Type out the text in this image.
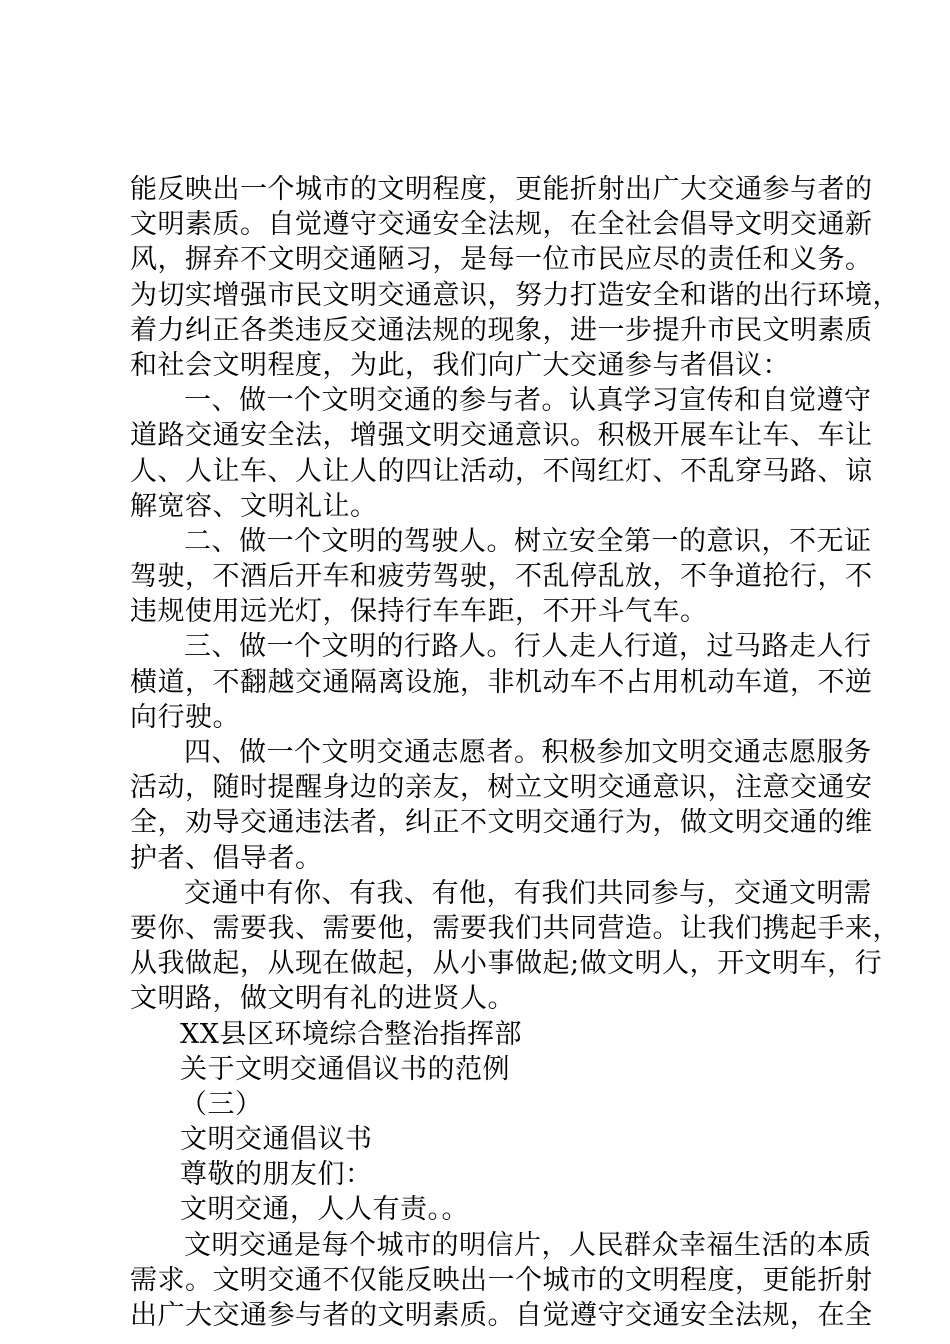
能反映出一个城市的文明程度，更能折射出广大交通参与者的
文明素质。自觉遵守交通安全法规，在全社会倡导文明交通新
风，摒弃不文明交通陋习，是每一位市民应尽的责任和义务。
为切实增强市民文明交通意识，努力打造安全和谐的出行环境，
着力纠正各类违反交通法规的现象，进一步提升市民文明素质
和社会文明程度，为此，我们向广大交通参与者倡议：
一、做一个文明交通的参与者。认真学习宣传和自觉遵守
道路交通安全法，增强文明交通意识。积极开展车让车、车让
人、人让车、人让人的四让活动，不闯红灯、不乱穿马路、谅
解宽容、文明礼让。
二、做一个文明的驾驶人。树立安全第一的意识，不无证
驾驶，不酒后开车和疲劳驾驶，不乱停乱放，不争道抢行，不
违规使用远光灯，保持行车车距，不开斗气车。
三、做一个文明的行路人。行人走人行道，过马路走人行
横道，不翻越交通隔离设施，非机动车不占用机动车道，不逆
向行驶。
四、做一个文明交通志愿者。积极参加文明交通志愿服务
活动，随时提醒身边的亲友，树立文明交通意识，注意交通安
全，劝导交通违法者，纠正不文明交通行为，做文明交通的维
护者、倡导者。
交通中有你、有我、有他，有我们共同参与，交通文明需
要你、需要我、需要他，需要我们共同营造。让我们携起手来，
从我做起，从现在做起，从小事做起;做文明人，开文明车，行
文明路，做文明有礼的进贤人。
XX县区环境综合整治指挥部
关于文明交通倡议书的范例
（三）
文明交通倡议书
尊敬的朋友们：
文明交通，人人有责。。
文明交通是每个城市的明信片，人民群众幸福生活的本质
需求。文明交通不仅能反映出一个城市的文明程度，更能折射
出广大交通参与者的文明素质。自觉遵守交通安全法规，在全
